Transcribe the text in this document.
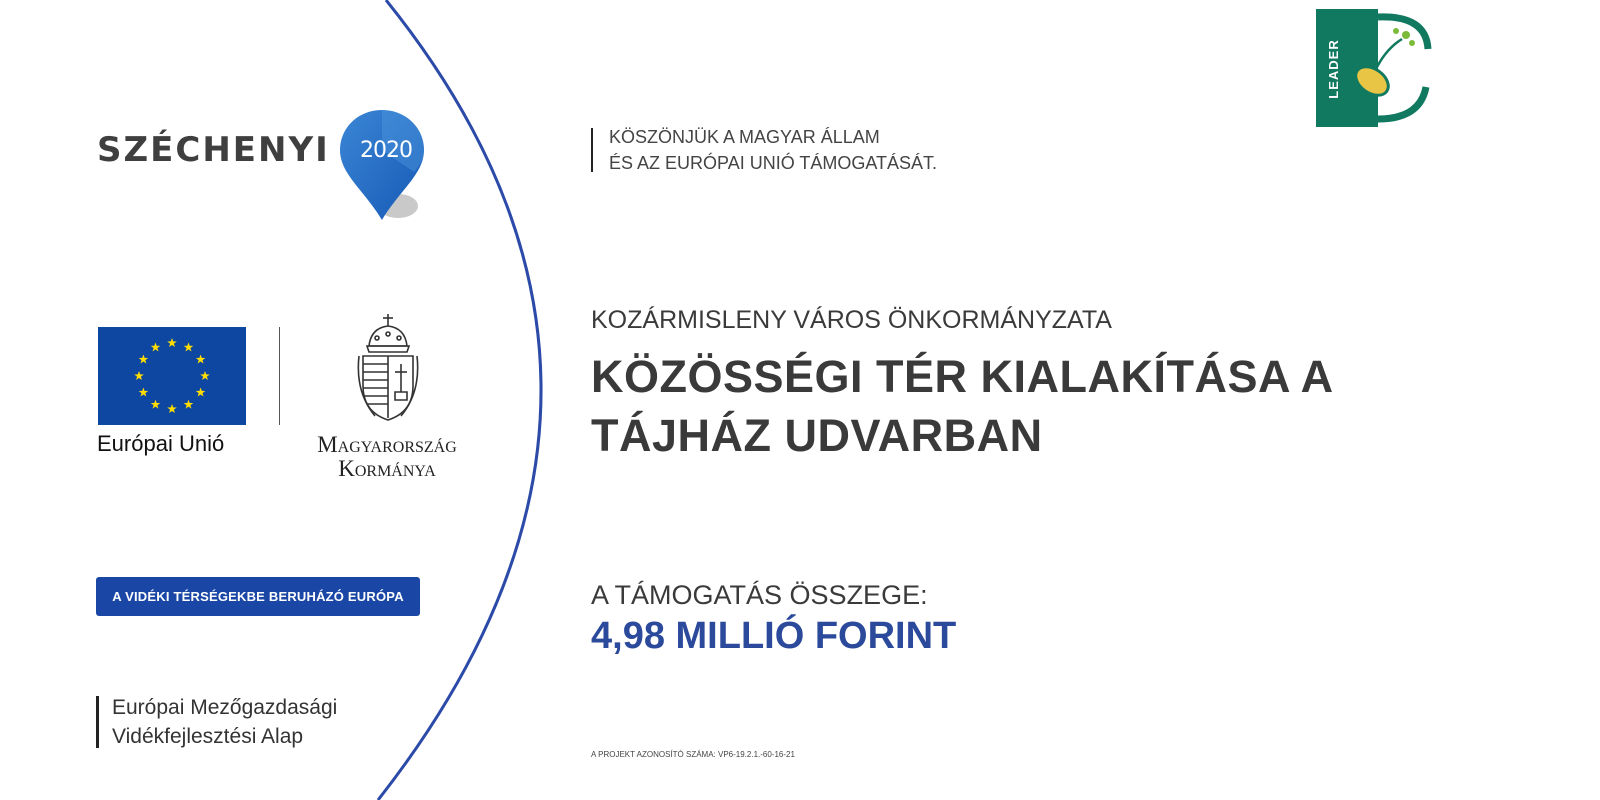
SZÉCHENYI	2020
Európai Unió	Magyarország
Kormánya
A VIDÉKI TÉRSÉGEKBE BERUHÁZÓ EURÓPA
Európai Mezőgazdasági
Vidékfejlesztési Alap
KÖSZÖNJÜK A MAGYAR ÁLLAM
ÉS AZ EURÓPAI UNIÓ TÁMOGATÁSÁT.
KOZÁRMISLENY VÁROS ÖNKORMÁNYZATA
KÖZÖSSÉGI TÉR KIALAKÍTÁSA A
TÁJHÁZ UDVARBAN
A TÁMOGATÁS ÖSSZEGE:
4,98 MILLIÓ FORINT
A PROJEKT AZONOSÍTÓ SZÁMA: VP6-19.2.1.-60-16-21
LEADER
